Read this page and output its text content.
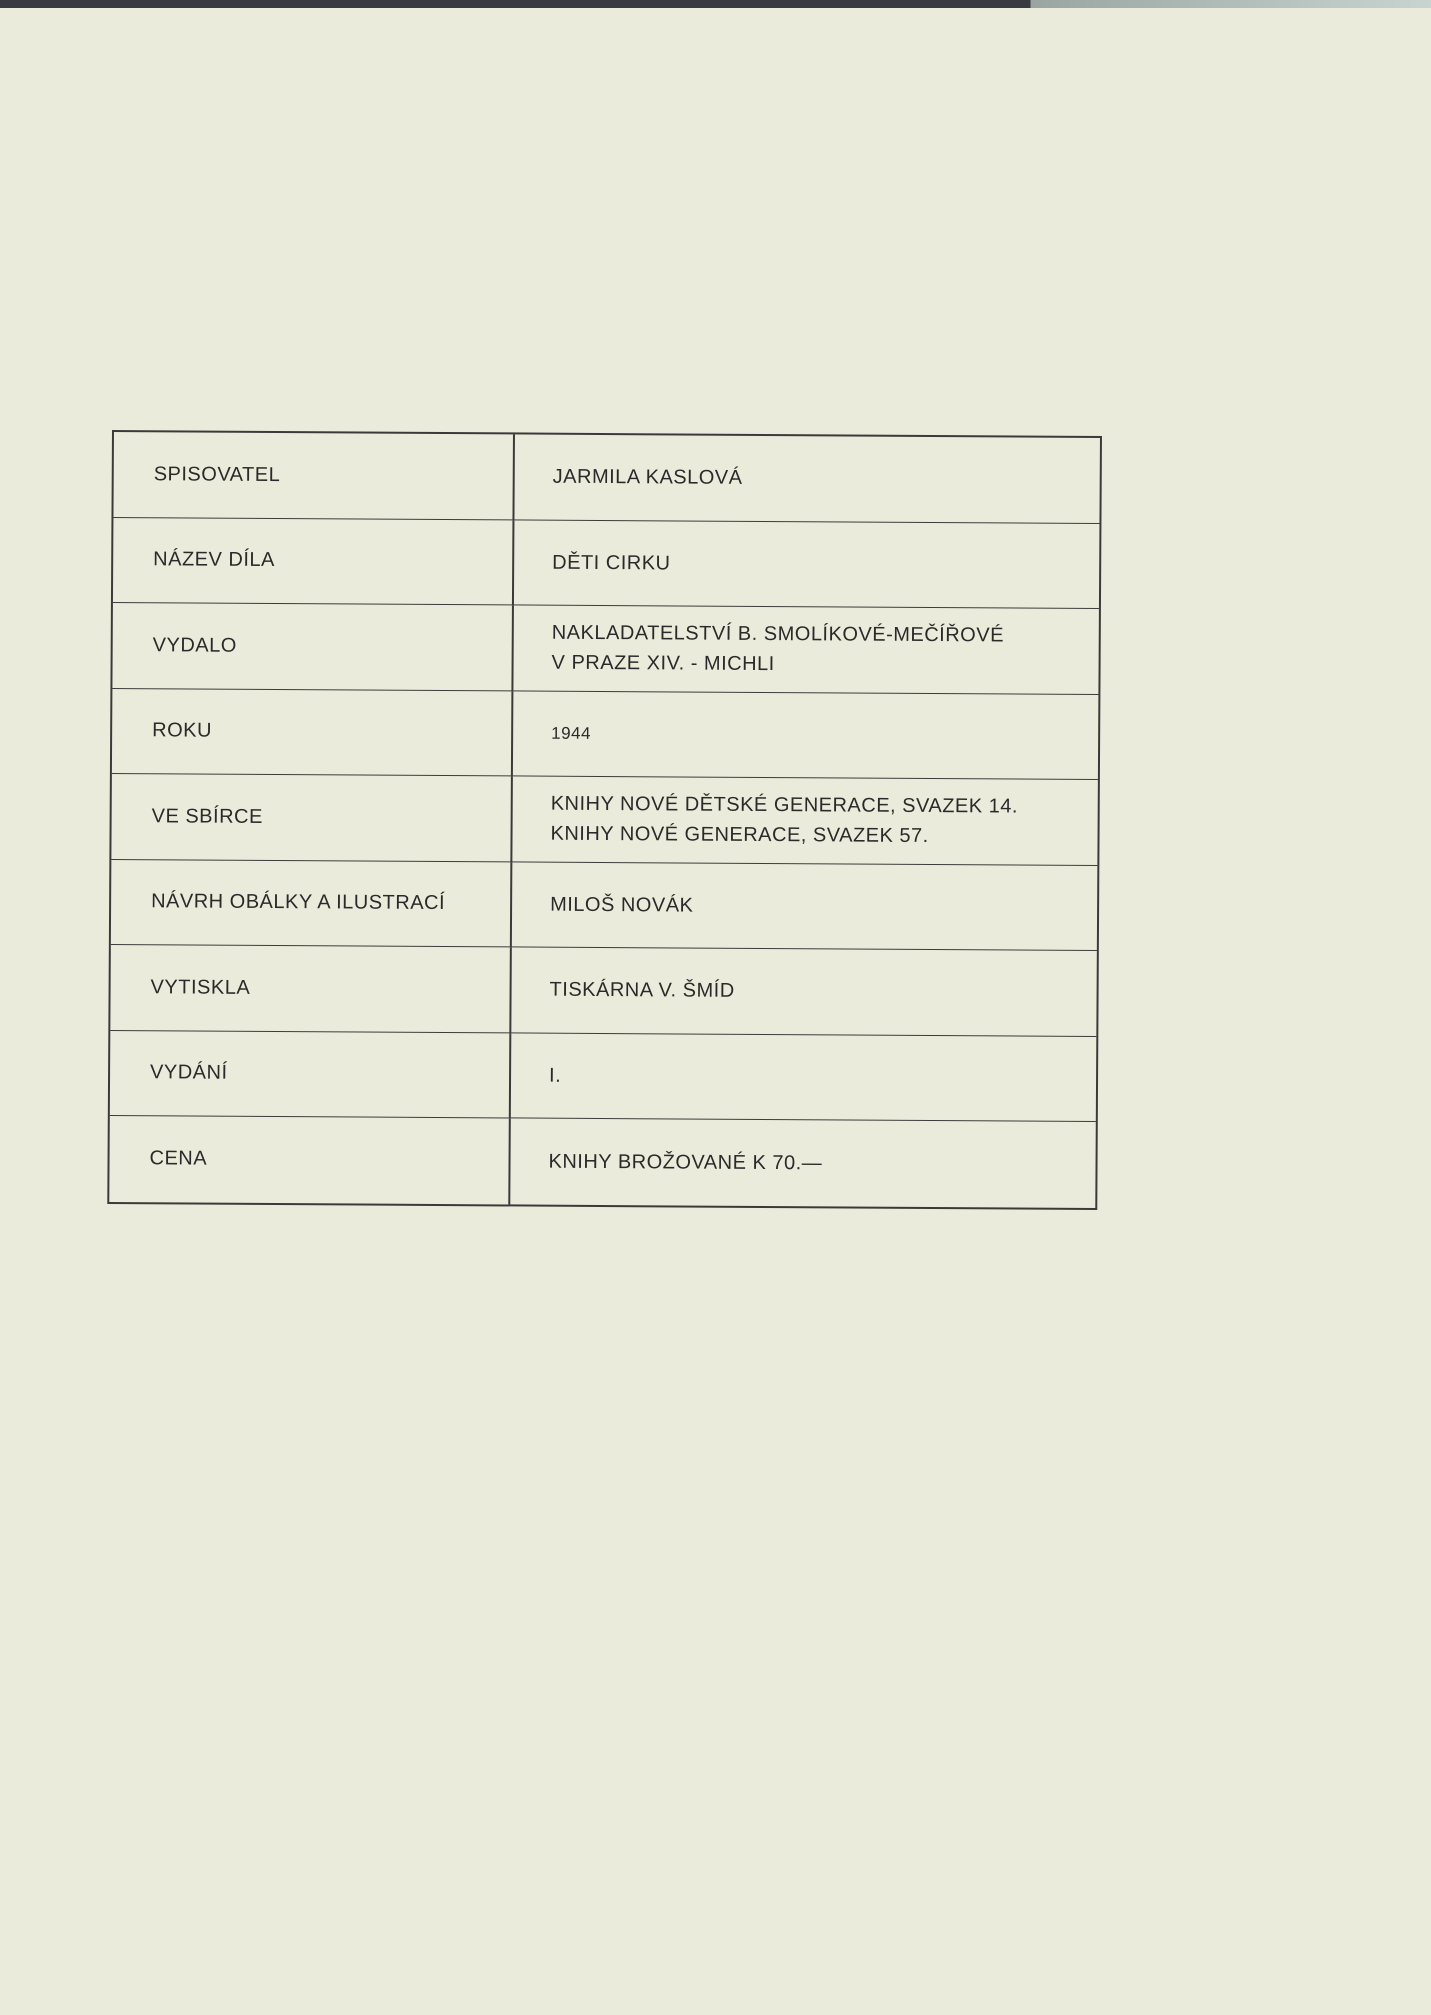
SPISOVATEL	JARMILA KASLOVÁ
NÁZEV DÍLA	DĚTI CIRKU
VYDALO	NAKLADATELSTVÍ B. SMOLÍKOVÉ-MEČÍŘOVÉ
V PRAZE XIV. - MICHLI
ROKU	1944
VE SBÍRCE	KNIHY NOVÉ DĚTSKÉ GENERACE, SVAZEK 14.
KNIHY NOVÉ GENERACE, SVAZEK 57.
NÁVRH OBÁLKY A ILUSTRACÍ	MILOŠ NOVÁK
VYTISKLA	TISKÁRNA V. ŠMÍD
VYDÁNÍ	I.
CENA	KNIHY BROŽOVANÉ K 70.—
